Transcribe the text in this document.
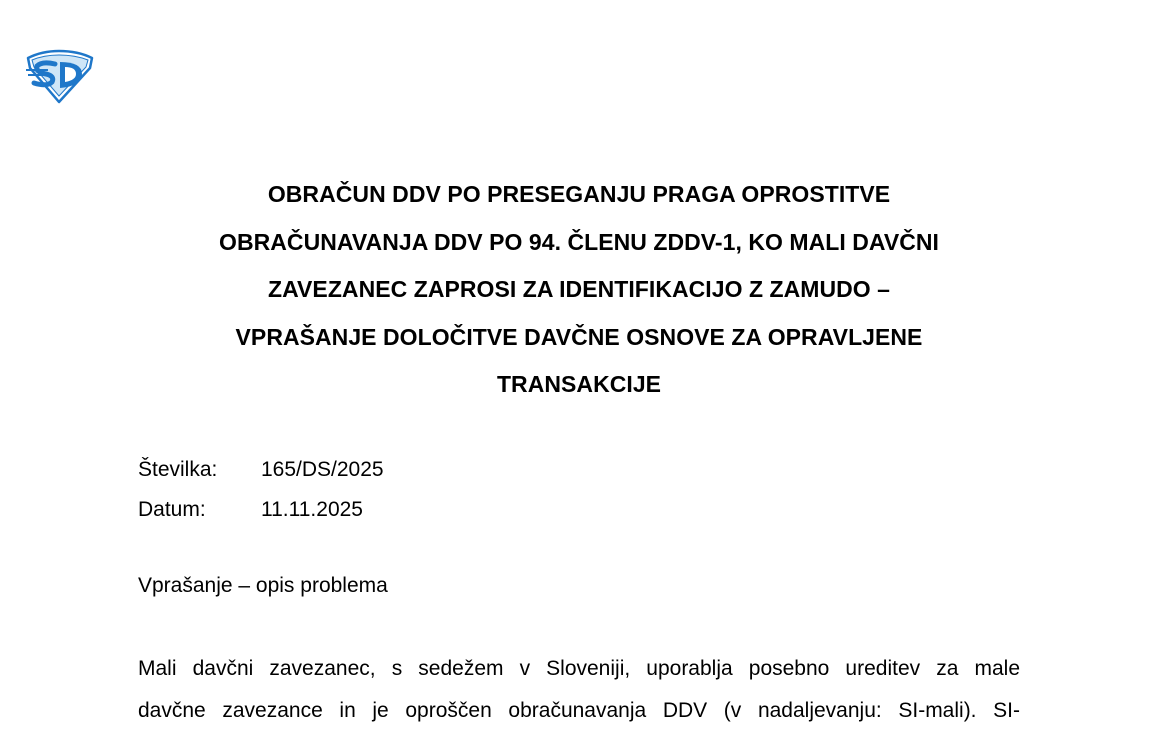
OBRAČUN DDV PO PRESEGANJU PRAGA OPROSTITVE
OBRAČUNAVANJA DDV PO 94. ČLENU ZDDV-1, KO MALI DAVČNI
ZAVEZANEC ZAPROSI ZA IDENTIFIKACIJO Z ZAMUDO –
VPRAŠANJE DOLOČITVE DAVČNE OSNOVE ZA OPRAVLJENE
TRANSAKCIJE
Številka:	165/DS/2025
Datum:	11.11.2025
Vprašanje – opis problema
Mali davčni zavezanec, s sedežem v Sloveniji, uporablja posebno ureditev za male
davčne zavezance in je oproščen obračunavanja DDV (v nadaljevanju: SI-mali). SI-
